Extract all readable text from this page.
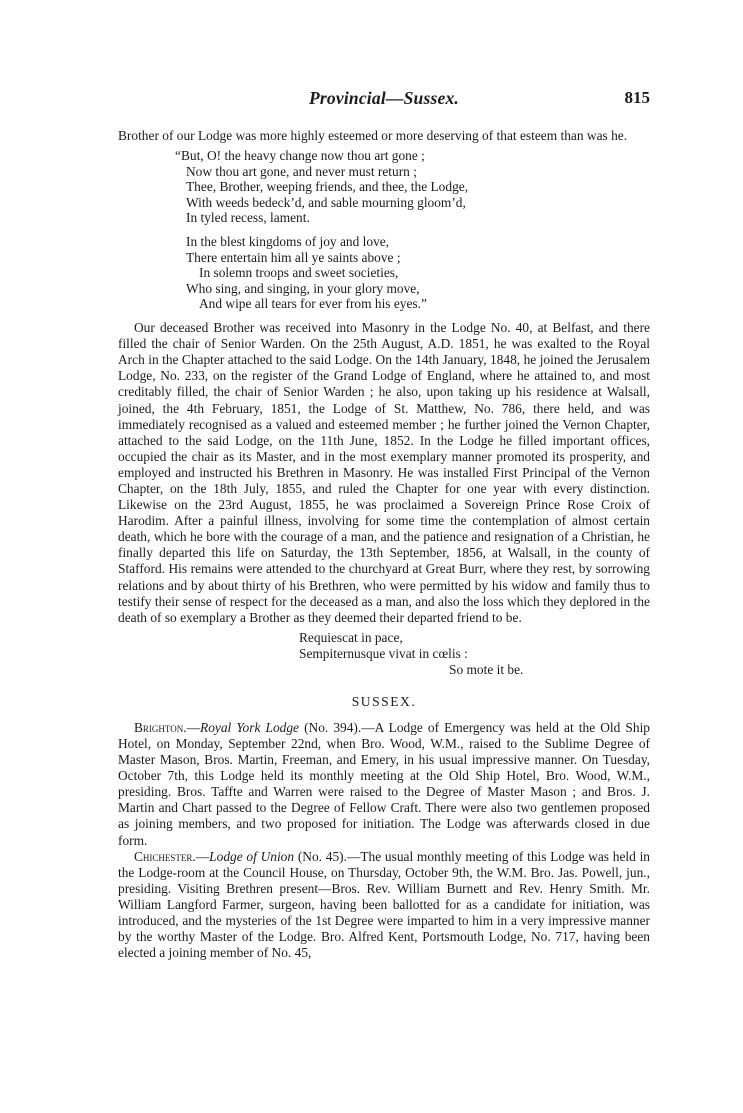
Provincial—Sussex.	815

Brother of our Lodge was more highly esteemed or more deserving of that esteem than was he.

“But, O! the heavy change now thou art gone ;
Now thou art gone, and never must return ;
Thee, Brother, weeping friends, and thee, the Lodge,
With weeds bedeck’d, and sable mourning gloom’d,
In tyled recess, lament.
In the blest kingdoms of joy and love,
There entertain him all ye saints above ;
In solemn troops and sweet societies,
Who sing, and singing, in your glory move,
And wipe all tears for ever from his eyes.”

Our deceased Brother was received into Masonry in the Lodge No. 40, at Belfast, and there filled the chair of Senior Warden. On the 25th August, A.D. 1851, he was exalted to the Royal Arch in the Chapter attached to the said Lodge. On the 14th January, 1848, he joined the Jerusalem Lodge, No. 233, on the register of the Grand Lodge of England, where he attained to, and most creditably filled, the chair of Senior Warden ; he also, upon taking up his residence at Walsall, joined, the 4th February, 1851, the Lodge of St. Matthew, No. 786, there held, and was immediately recognised as a valued and esteemed member ; he further joined the Vernon Chapter, attached to the said Lodge, on the 11th June, 1852. In the Lodge he filled important offices, occupied the chair as its Master, and in the most exemplary manner promoted its prosperity, and employed and instructed his Brethren in Masonry. He was installed First Principal of the Vernon Chapter, on the 18th July, 1855, and ruled the Chapter for one year with every distinction. Likewise on the 23rd August, 1855, he was proclaimed a Sovereign Prince Rose Croix of Harodim. After a painful illness, involving for some time the contemplation of almost certain death, which he bore with the courage of a man, and the patience and resignation of a Christian, he finally departed this life on Saturday, the 13th September, 1856, at Walsall, in the county of Stafford. His remains were attended to the churchyard at Great Burr, where they rest, by sorrowing relations and by about thirty of his Brethren, who were permitted by his widow and family thus to testify their sense of respect for the deceased as a man, and also the loss which they deplored in the death of so exemplary a Brother as they deemed their departed friend to be.

Requiescat in pace,
Sempiternusque vivat in cœlis :
So mote it be.
SUSSEX.

Brighton.—Royal York Lodge (No. 394).—A Lodge of Emergency was held at the Old Ship Hotel, on Monday, September 22nd, when Bro. Wood, W.M., raised to the Sublime Degree of Master Mason, Bros. Martin, Freeman, and Emery, in his usual impressive manner. On Tuesday, October 7th, this Lodge held its monthly meeting at the Old Ship Hotel, Bro. Wood, W.M., presiding. Bros. Taffte and Warren were raised to the Degree of Master Mason ; and Bros. J. Martin and Chart passed to the Degree of Fellow Craft. There were also two gentlemen proposed as joining members, and two proposed for initiation. The Lodge was afterwards closed in due form.

Chichester.—Lodge of Union (No. 45).—The usual monthly meeting of this Lodge was held in the Lodge-room at the Council House, on Thursday, October 9th, the W.M. Bro. Jas. Powell, jun., presiding. Visiting Brethren present—Bros. Rev. William Burnett and Rev. Henry Smith. Mr. William Langford Farmer, surgeon, having been ballotted for as a candidate for initiation, was introduced, and the mysteries of the 1st Degree were imparted to him in a very impressive manner by the worthy Master of the Lodge. Bro. Alfred Kent, Portsmouth Lodge, No. 717, having been elected a joining member of No. 45,
